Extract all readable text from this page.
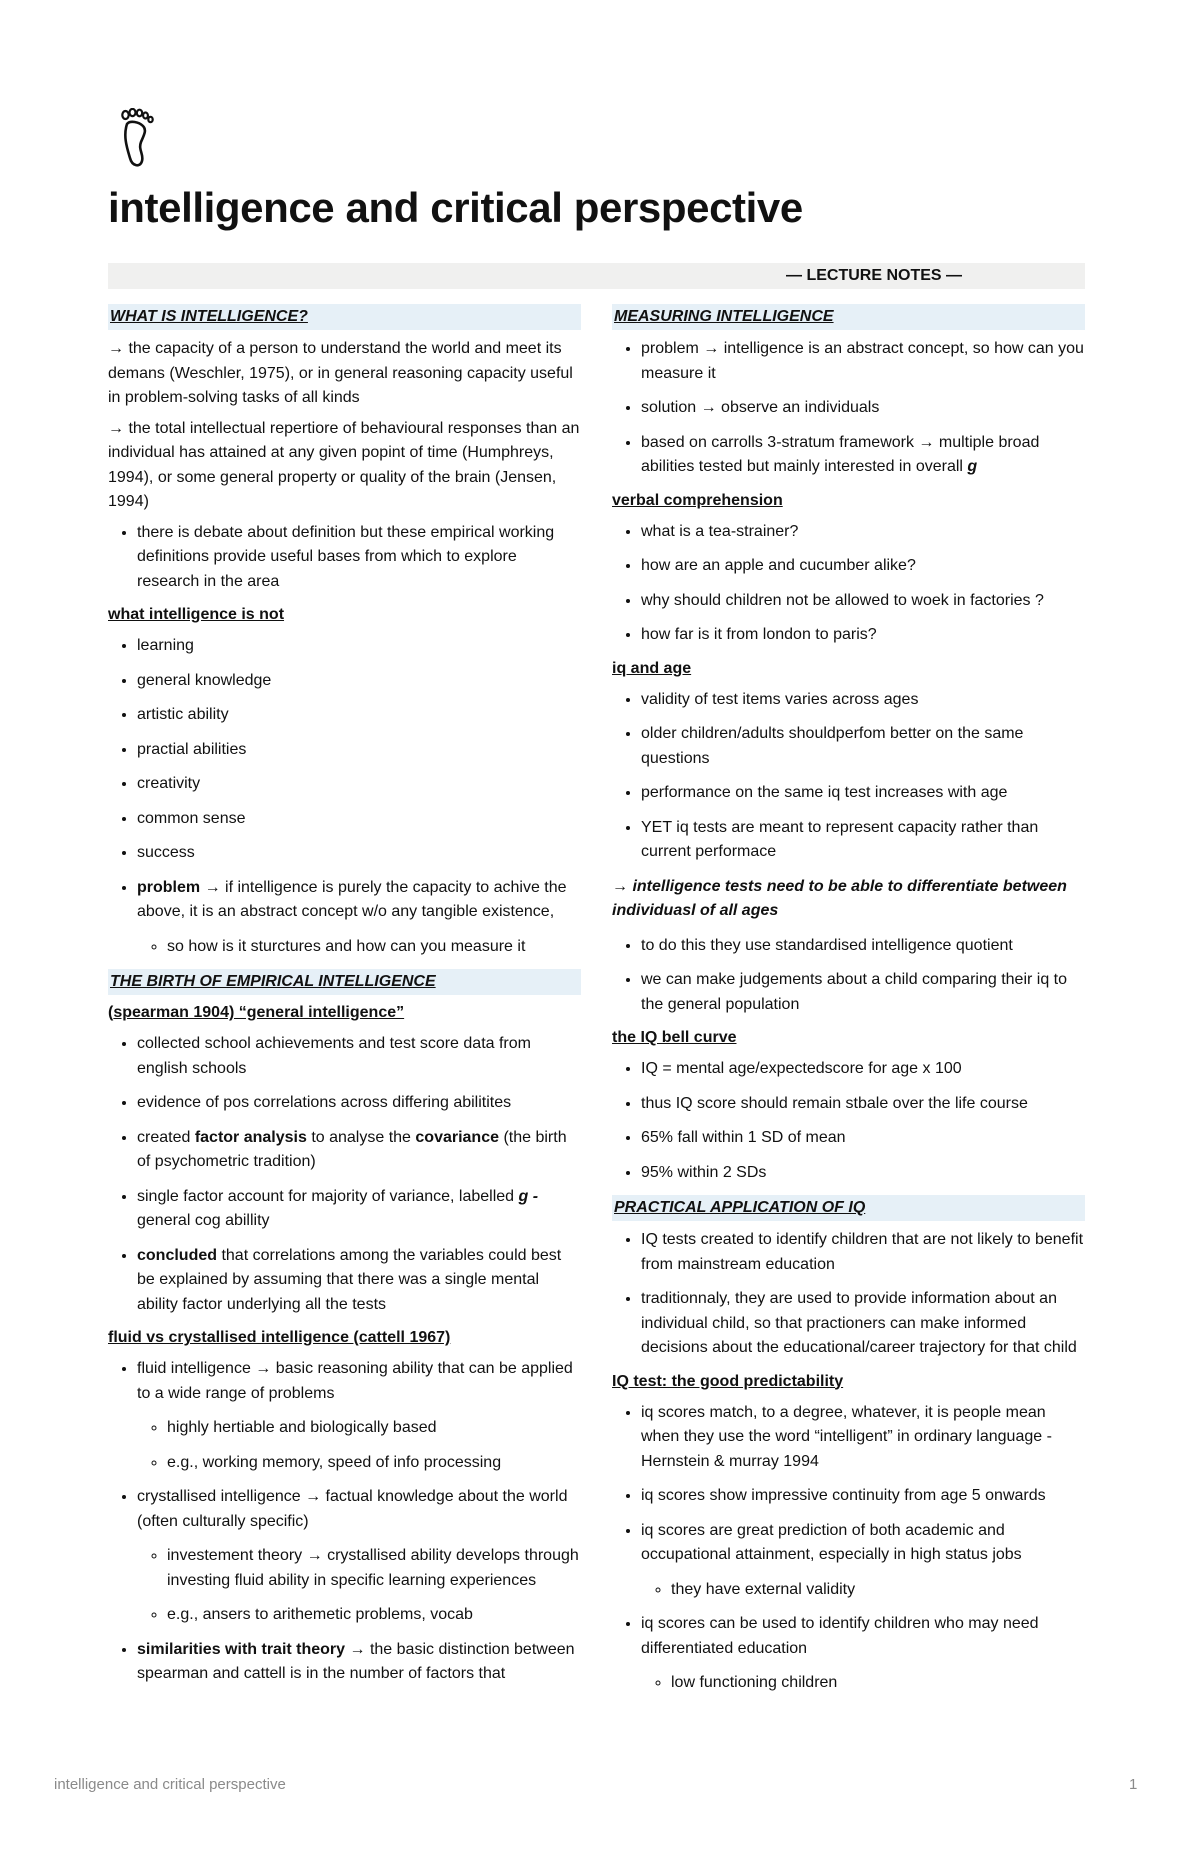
intelligence and critical perspective
— LECTURE NOTES —
WHAT IS INTELLIGENCE?

→ the capacity of a person to understand the world and meet its demans (Weschler, 1975), or in general reasoning capacity useful in problem-solving tasks of all kinds

→ the total intellectual repertiore of behavioural responses than an individual has attained at any given popint of time (Humphreys, 1994), or some general property or quality of the brain (Jensen, 1994)

• there is debate about definition but these empirical working definitions provide useful bases from which to explore research in the area
what intelligence is not
• learning
• general knowledge
• artistic ability
• practial abilities
• creativity
• common sense
• success
• problem → if intelligence is purely the capacity to achive the above, it is an abstract concept w/o any tangible existence,
◦ so how is it sturctures and how can you measure it
THE BIRTH OF EMPIRICAL INTELLIGENCE
(spearman 1904) “general intelligence”
• collected school achievements and test score data from english schools
• evidence of pos correlations across differing abilitites
• created factor analysis to analyse the covariance (the birth of psychometric tradition)
• single factor account for majority of variance, labelled g - general cog abillity
• concluded that correlations among the variables could best be explained by assuming that there was a single mental ability factor underlying all the tests
fluid vs crystallised intelligence (cattell 1967)
• fluid intelligence → basic reasoning ability that can be applied to a wide range of problems
◦ highly hertiable and biologically based
◦ e.g., working memory, speed of info processing
• crystallised intelligence → factual knowledge about the world (often culturally specific)
◦ investement theory → crystallised ability develops through investing fluid ability in specific learning experiences
◦ e.g., ansers to arithemetic problems, vocab
• similarities with trait theory → the basic distinction between spearman and cattell is in the number of factors that
MEASURING INTELLIGENCE
• problem → intelligence is an abstract concept, so how can you measure it
• solution → observe an individuals
• based on carrolls 3-stratum framework → multiple broad abilities tested but mainly interested in overall g
verbal comprehension
• what is a tea-strainer?
• how are an apple and cucumber alike?
• why should children not be allowed to woek in factories ?
• how far is it from london to paris?
iq and age
• validity of test items varies across ages
• older children/adults shouldperfom better on the same questions
• performance on the same iq test increases with age
• YET iq tests are meant to represent capacity rather than current performace

→ intelligence tests need to be able to differentiate between individuasl of all ages

• to do this they use standardised intelligence quotient
• we can make judgements about a child comparing their iq to the general population
the IQ bell curve
• IQ = mental age/expectedscore for age x 100
• thus IQ score should remain stbale over the life course
• 65% fall within 1 SD of mean
• 95% within 2 SDs
PRACTICAL APPLICATION OF IQ
• IQ tests created to identify children that are not likely to benefit from mainstream education
• traditionnaly, they are used to provide information about an individual child, so that practioners can make informed decisions about the educational/career trajectory for that child
IQ test: the good predictability
• iq scores match, to a degree, whatever, it is people mean when they use the word “intelligent” in ordinary language - Hernstein & murray 1994
• iq scores show impressive continuity from age 5 onwards
• iq scores are great prediction of both academic and occupational attainment, especially in high status jobs
◦ they have external validity
• iq scores can be used to identify children who may need differentiated education
◦ low functioning children
intelligence and critical perspective	1
